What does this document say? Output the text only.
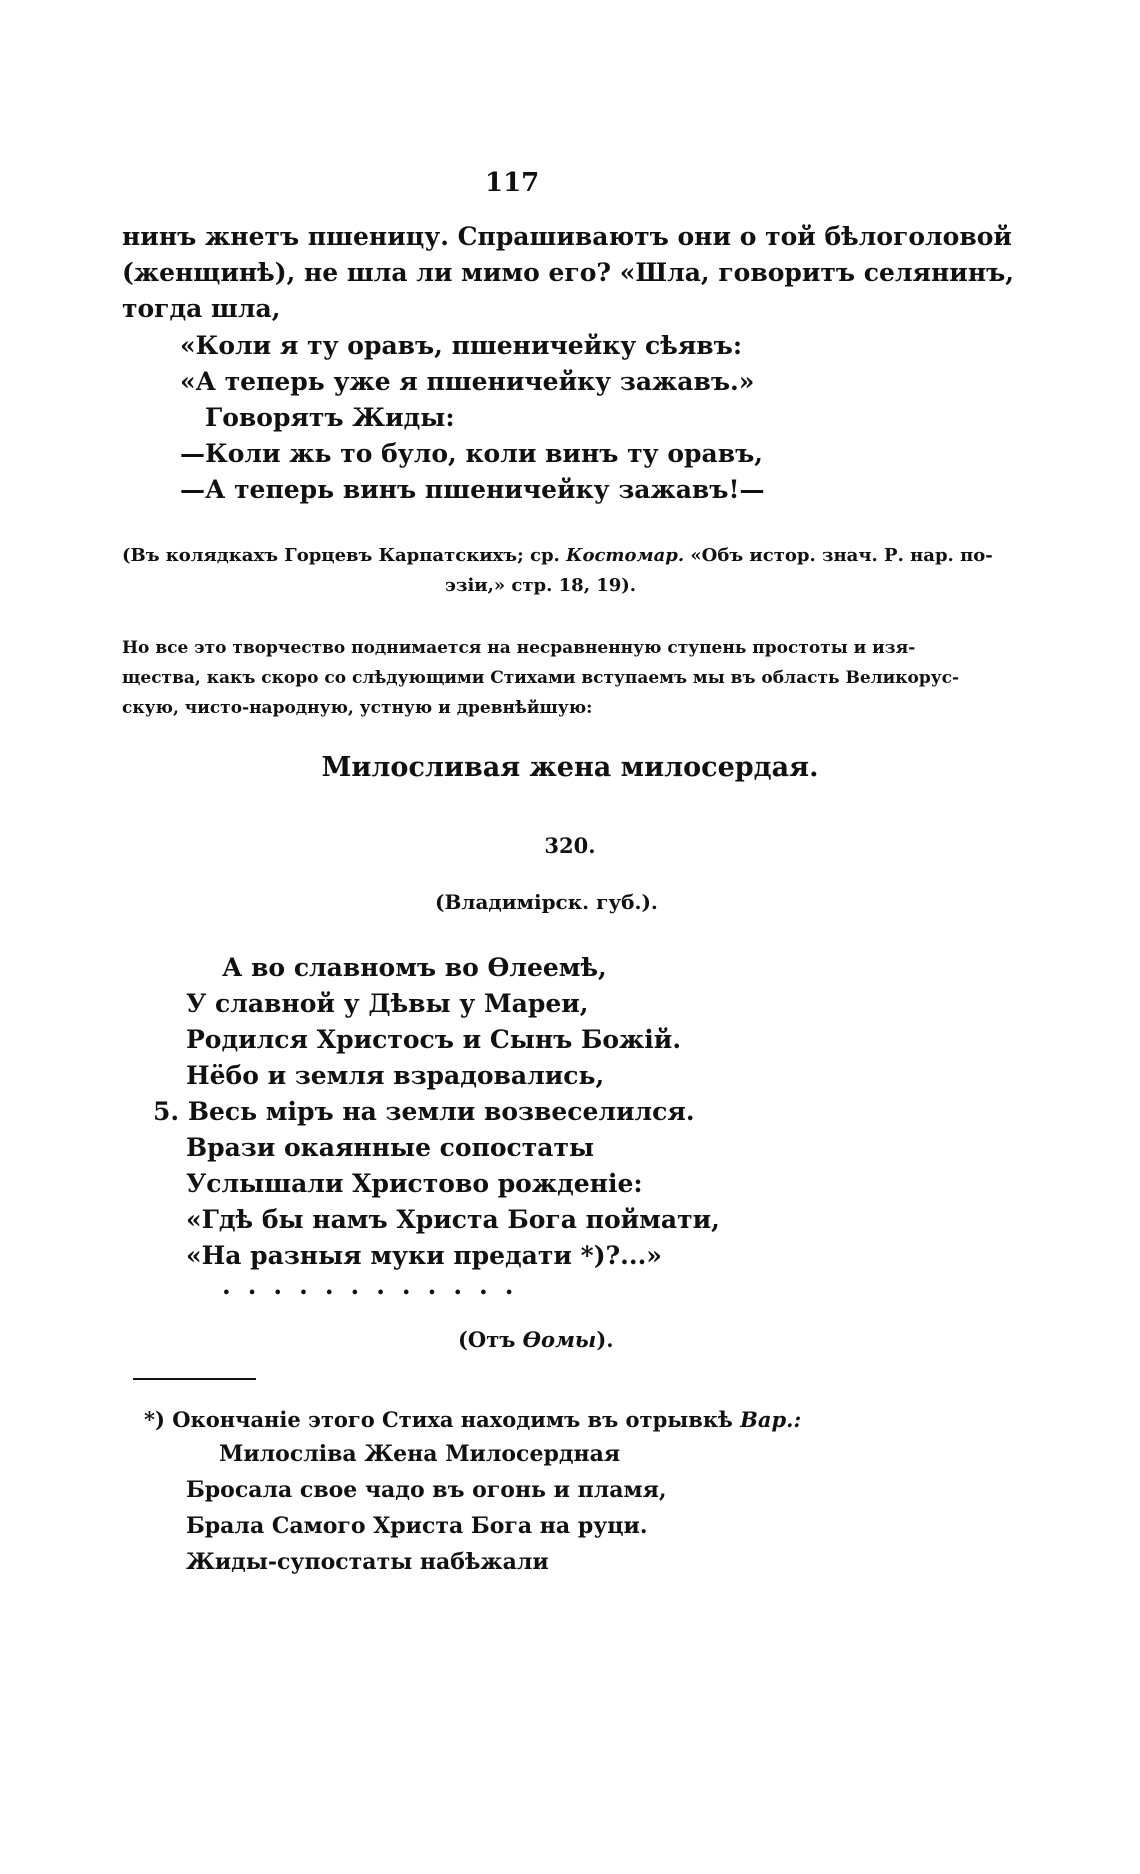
117
нинъ жнетъ пшеницу. Спрашиваютъ они о той бѣлоголовой
(женщинѣ), не шла ли мимо его? «Шла, говоритъ селянинъ,
тогда шла,
«Коли я ту оравъ, пшеничейку сѣявъ:
«А теперь уже я пшеничейку зажавъ.»
Говорятъ Жиды:
—Коли жь то було, коли винъ ту оравъ,
—А теперь винъ пшеничейку зажавъ!—
(Въ колядкахъ Горцевъ Карпатскихъ; ср. Костомар. «Объ истор. знач. Р. нар. по-
эзіи,» стр. 18, 19).
Но все это творчество поднимается на несравненную ступень простоты и изя-
щества, какъ скоро со слѣдующими Стихами вступаемъ мы въ область Великорус-
скую, чисто-народную, устную и древнѣйшую:
Милосливая жена милосердая.
320.
(Владимірск. губ.).
А во славномъ во Ѳлеемѣ,
У славной у Дѣвы у Мареи,
Родился Христосъ и Сынъ Божій.
Нёбо и земля взрадовались,
5. Весь міръ на земли возвеселился.
Врази окаянные сопостаты
Услышали Христово рожденіе:
«Гдѣ бы намъ Христа Бога поймати,
«На разныя муки предати *)?...»
............
(Отъ Ѳомы).
*) Окончаніе этого Стиха находимъ въ отрывкѣ Вар.:
Милосліва Жена Милосердная
Бросала свое чадо въ огонь и пламя,
Брала Самого Христа Бога на руци.
Жиды-супостаты набѣжали
